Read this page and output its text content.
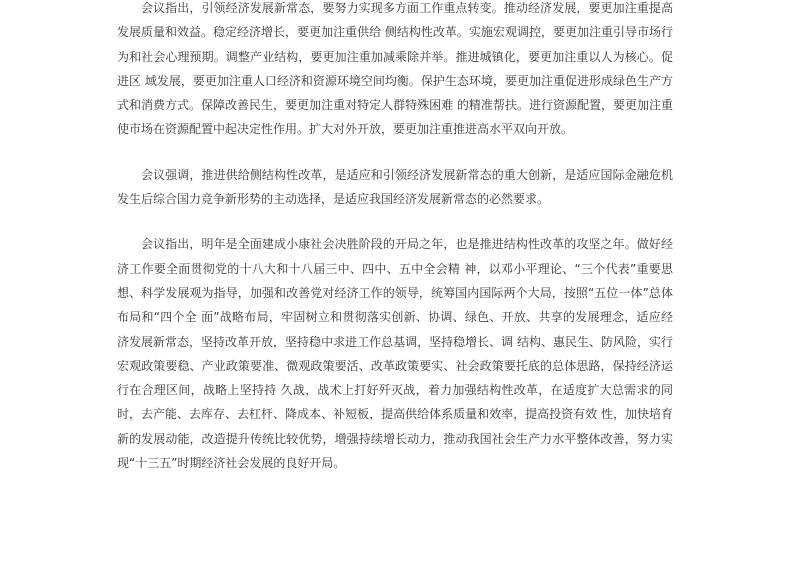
会议指出，引领经济发展新常态，要努力实现多方面工作重点转变。推动经济发展，要更加注重提高发展质量和效益。稳定经济增长，要更加注重供给 侧结构性改革。实施宏观调控，要更加注重引导市场行为和社会心理预期。调整产业结构，要更加注重加减乘除并举。推进城镇化，要更加注重以人为核心。促进区 域发展，要更加注重人口经济和资源环境空间均衡。保护生态环境，要更加注重促进形成绿色生产方式和消费方式。保障改善民生，要更加注重对特定人群特殊困难 的精准帮扶。进行资源配置，要更加注重使市场在资源配置中起决定性作用。扩大对外开放，要更加注重推进高水平双向开放。

会议强调，推进供给侧结构性改革，是适应和引领经济发展新常态的重大创新，是适应国际金融危机发生后综合国力竞争新形势的主动选择，是适应我国经济发展新常态的必然要求。

会议指出，明年是全面建成小康社会决胜阶段的开局之年，也是推进结构性改革的攻坚之年。做好经济工作要全面贯彻党的十八大和十八届三中、四中、五中全会精 神，以邓小平理论、“三个代表”重要思想、科学发展观为指导，加强和改善党对经济工作的领导，统筹国内国际两个大局，按照“五位一体”总体布局和“四个全 面”战略布局，牢固树立和贯彻落实创新、协调、绿色、开放、共享的发展理念，适应经济发展新常态，坚持改革开放，坚持稳中求进工作总基调，坚持稳增长、调 结构、惠民生、防风险，实行宏观政策要稳、产业政策要准、微观政策要活、改革政策要实、社会政策要托底的总体思路，保持经济运行在合理区间，战略上坚持持 久战，战术上打好歼灭战，着力加强结构性改革，在适度扩大总需求的同时，去产能、去库存、去杠杆、降成本、补短板，提高供给体系质量和效率，提高投资有效 性，加快培育新的发展动能，改造提升传统比较优势，增强持续增长动力，推动我国社会生产力水平整体改善，努力实现“十三五”时期经济社会发展的良好开局。
